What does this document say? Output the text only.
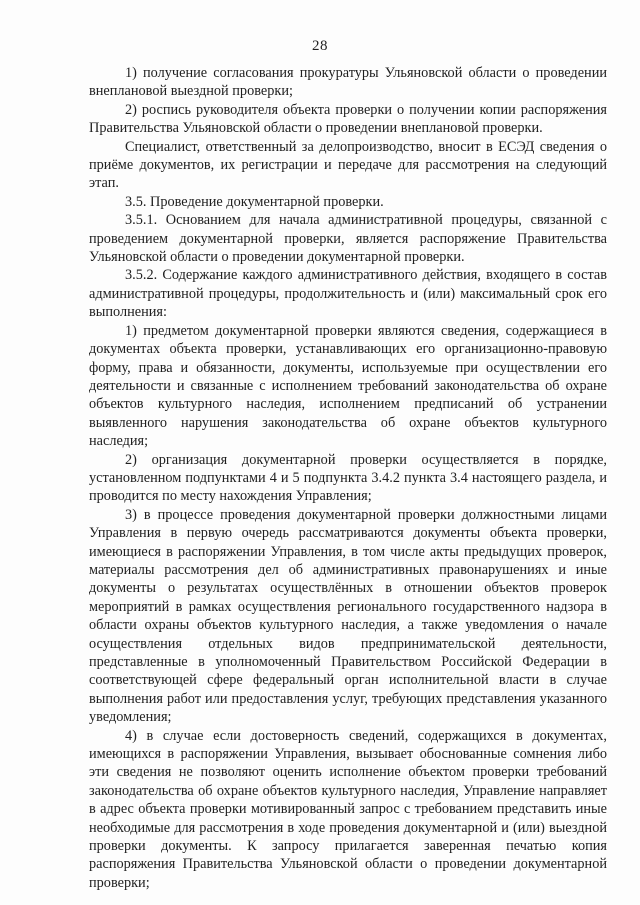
28

1) получение согласования прокуратуры Ульяновской области о проведении внеплановой выездной проверки;

2) роспись руководителя объекта проверки о получении копии распоряжения Правительства Ульяновской области о проведении внеплановой проверки.

Специалист, ответственный за делопроизводство, вносит в ЕСЭД сведения о приёме документов, их регистрации и передаче для рассмотрения на следующий этап.

3.5. Проведение документарной проверки.

3.5.1. Основанием для начала административной процедуры, связанной с проведением документарной проверки, является распоряжение Правительства Ульяновской области о проведении документарной проверки.

3.5.2. Содержание каждого административного действия, входящего в состав административной процедуры, продолжительность и (или) максимальный срок его выполнения:

1) предметом документарной проверки являются сведения, содержащиеся в документах объекта проверки, устанавливающих его организационно-правовую форму, права и обязанности, документы, используемые при осуществлении его деятельности и связанные с исполнением требований законодательства об охране объектов культурного наследия, исполнением предписаний об устранении выявленного нарушения законодательства об охране объектов культурного наследия;

2) организация документарной проверки осуществляется в порядке, установленном подпунктами 4 и 5 подпункта 3.4.2 пункта 3.4 настоящего раздела, и проводится по месту нахождения Управления;

3) в процессе проведения документарной проверки должностными лицами Управления в первую очередь рассматриваются документы объекта проверки, имеющиеся в распоряжении Управления, в том числе акты предыдущих проверок, материалы рассмотрения дел об административных правонарушениях и иные документы о результатах осуществлённых в отношении объектов проверок мероприятий в рамках осуществления регионального государственного надзора в области охраны объектов культурного наследия, а также уведомления о начале осуществления отдельных видов предпринимательской деятельности, представленные в уполномоченный Правительством Российской Федерации в соответствующей сфере федеральный орган исполнительной власти в случае выполнения работ или предоставления услуг, требующих представления указанного уведомления;

4) в случае если достоверность сведений, содержащихся в документах, имеющихся в распоряжении Управления, вызывает обоснованные сомнения либо эти сведения не позволяют оценить исполнение объектом проверки требований законодательства об охране объектов культурного наследия, Управление направляет в адрес объекта проверки мотивированный запрос с требованием представить иные необходимые для рассмотрения в ходе проведения документарной и (или) выездной проверки документы. К запросу прилагается заверенная печатью копия распоряжения Правительства Ульяновской области о проведении документарной проверки;
